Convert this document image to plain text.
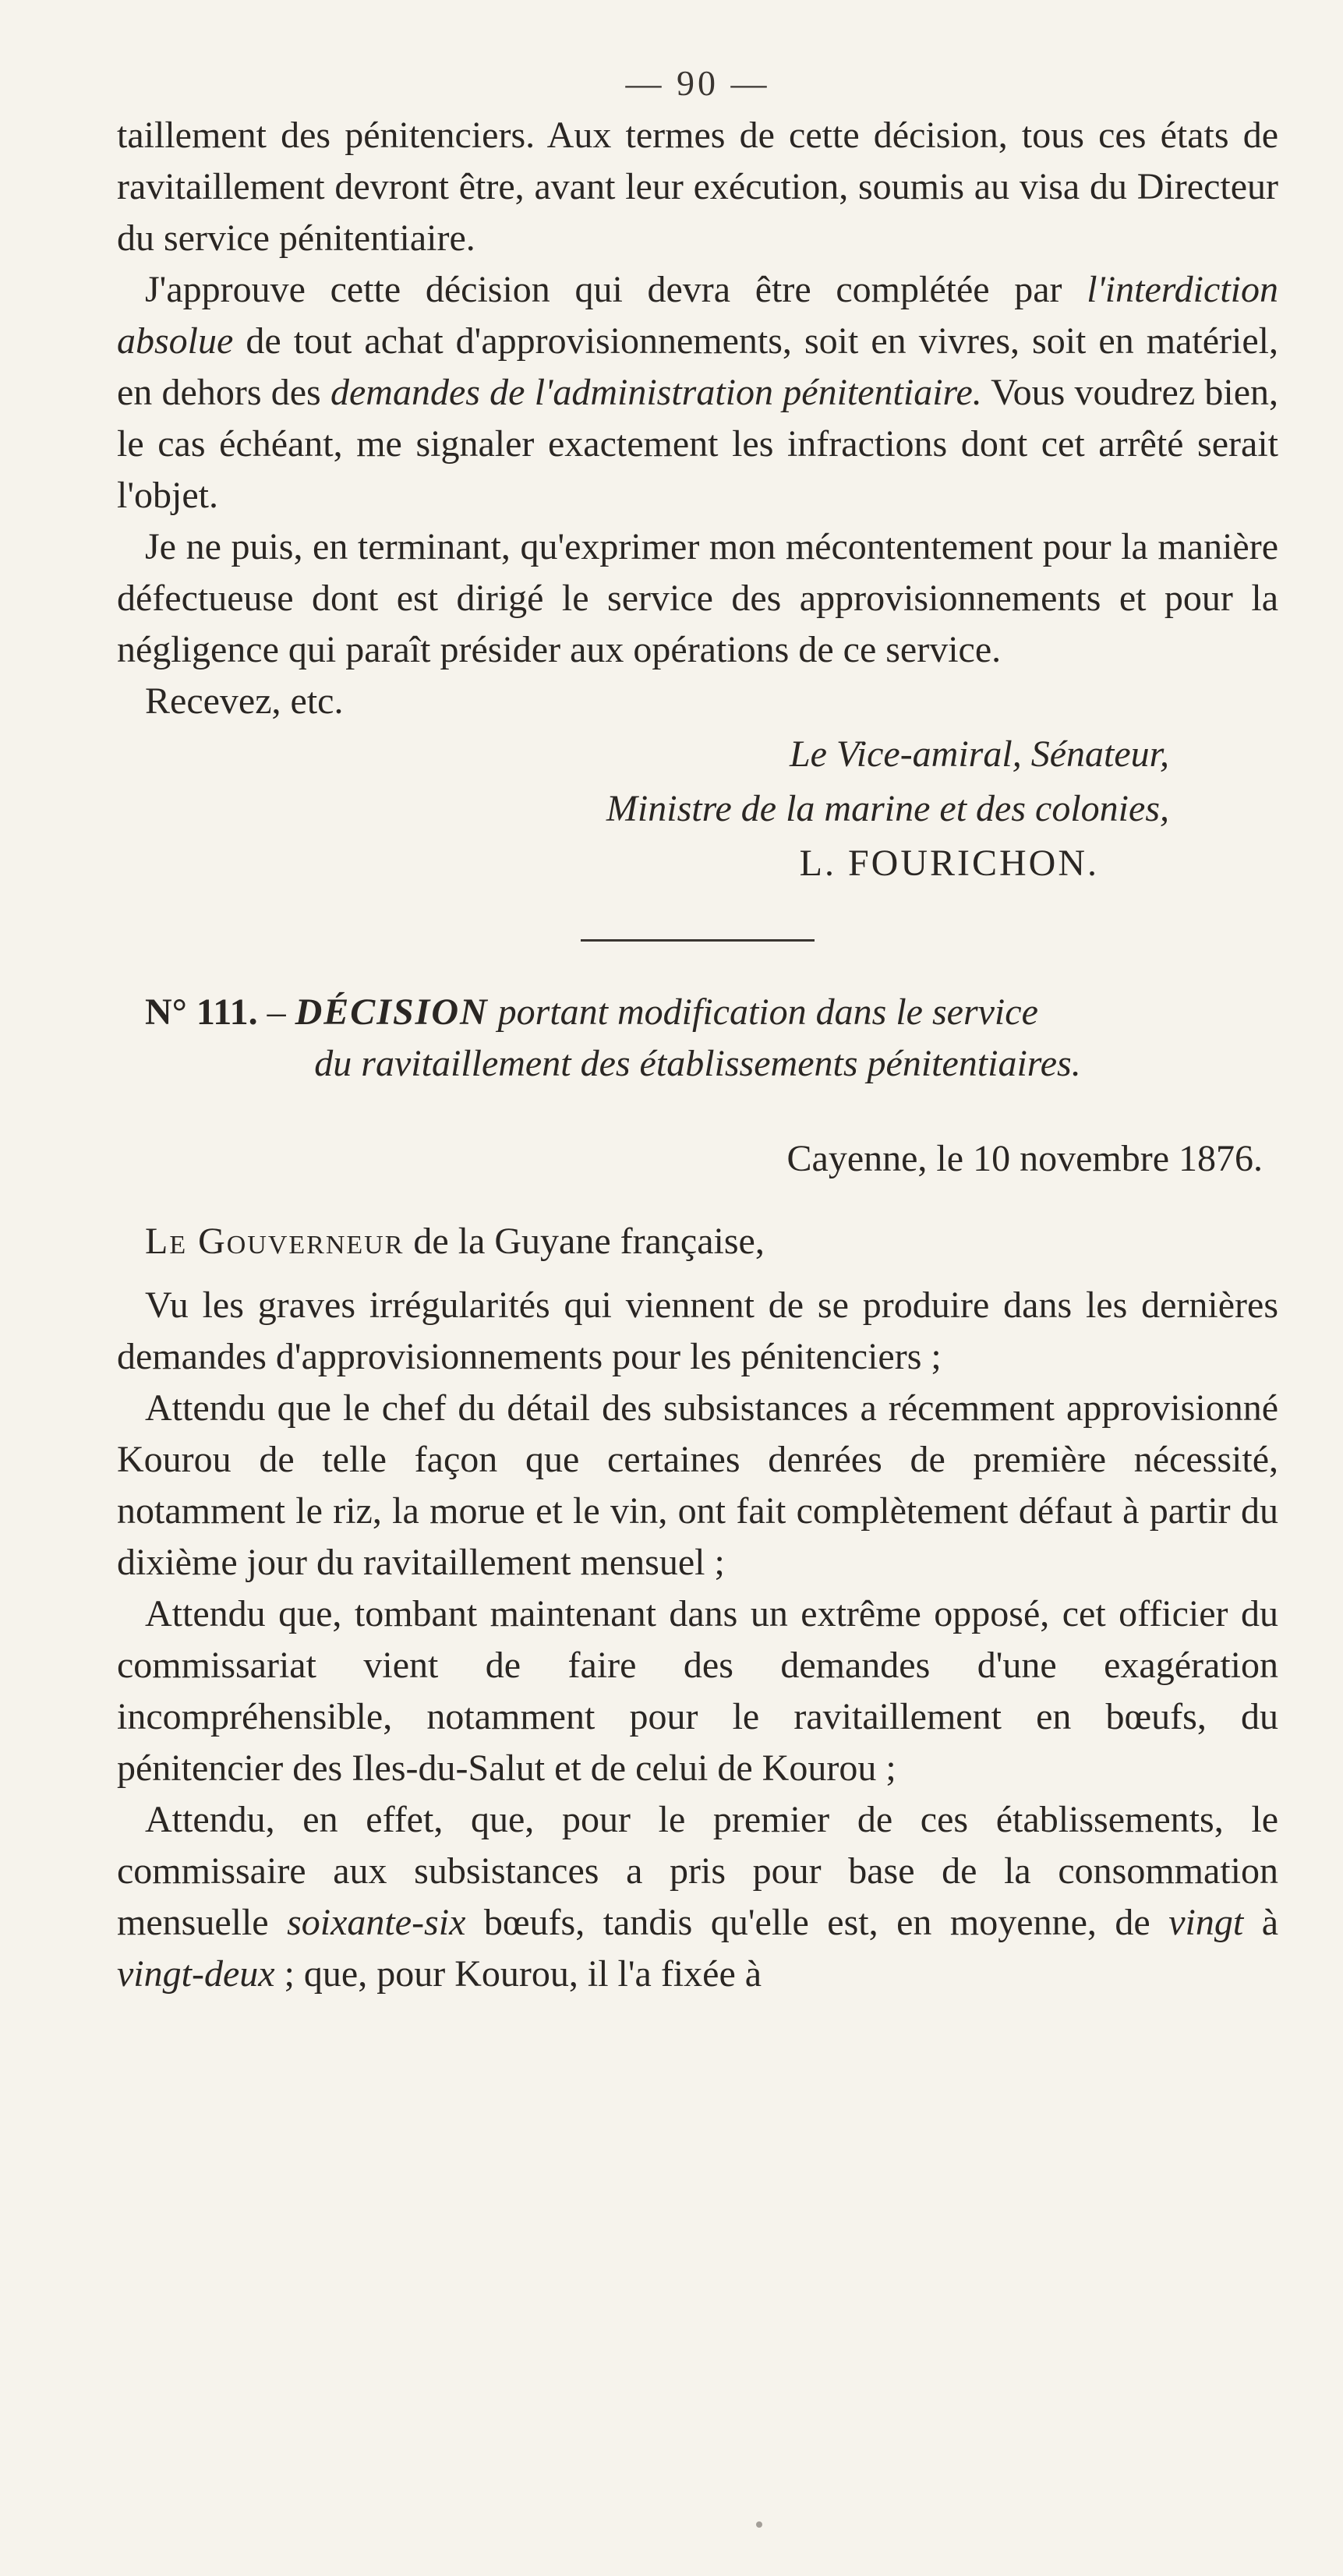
— 90 —

taillement des pénitenciers. Aux termes de cette décision, tous ces états de ravitaillement devront être, avant leur exécution, soumis au visa du Directeur du service pénitentiaire.

J'approuve cette décision qui devra être complétée par l'interdiction absolue de tout achat d'approvisionnements, soit en vivres, soit en matériel, en dehors des demandes de l'administration pénitentiaire. Vous voudrez bien, le cas échéant, me signaler exactement les infractions dont cet arrêté serait l'objet.

Je ne puis, en terminant, qu'exprimer mon mécontentement pour la manière défectueuse dont est dirigé le service des approvisionnements et pour la négligence qui paraît présider aux opérations de ce service.

Recevez, etc.

Le Vice-amiral, Sénateur,
Ministre de la marine et des colonies,
L. FOURICHON.

N° 111. – DÉCISION portant modification dans le service

du ravitaillement des établissements pénitentiaires.

Cayenne, le 10 novembre 1876.

Le Gouverneur de la Guyane française,

Vu les graves irrégularités qui viennent de se produire dans les dernières demandes d'approvisionnements pour les pénitenciers ;

Attendu que le chef du détail des subsistances a récemment approvisionné Kourou de telle façon que certaines denrées de première nécessité, notamment le riz, la morue et le vin, ont fait complètement défaut à partir du dixième jour du ravitaillement mensuel ;

Attendu que, tombant maintenant dans un extrême opposé, cet officier du commissariat vient de faire des demandes d'une exagération incompréhensible, notamment pour le ravitaillement en bœufs, du pénitencier des Iles-du-Salut et de celui de Kourou ;

Attendu, en effet, que, pour le premier de ces établissements, le commissaire aux subsistances a pris pour base de la consommation mensuelle soixante-six bœufs, tandis qu'elle est, en moyenne, de vingt à vingt-deux ; que, pour Kourou, il l'a fixée à
